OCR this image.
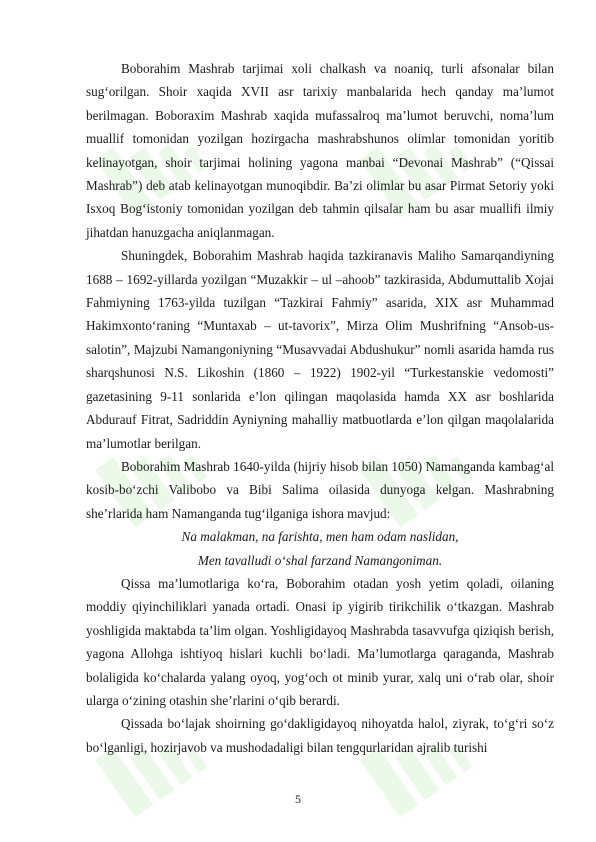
Boborahim Mashrab tarjimai xoli chalkash va noaniq, turli afsonalar bilan sug‘orilgan. Shoir xaqida XVII asr tarixiy manbalarida hech qanday ma’lumot berilmagan. Boboraxim Mashrab xaqida mufassalroq ma’lumot beruvchi, noma’lum muallif tomonidan yozilgan hozirgacha mashrabshunos olimlar tomonidan yoritib kelinayotgan, shoir tarjimai holining yagona manbai “Devonai Mashrab” (“Qissai Mashrab”) deb atab kelinayotgan munoqibdir. Ba’zi olimlar bu asar Pirmat Setoriy yoki Isxoq Bog‘istoniy tomonidan yozilgan deb tahmin qilsalar ham bu asar muallifi ilmiy jihatdan hanuzgacha aniqlanmagan.

Shuningdek, Boborahim Mashrab haqida tazkiranavis Maliho Samarqandiyning 1688 – 1692-yillarda yozilgan “Muzakkir – ul –ahoob” tazkirasida, Abdumuttalib Xojai Fahmiyning 1763-yilda tuzilgan “Tazkirai Fahmiy” asarida, XIX asr Muhammad Hakimxonto‘raning “Muntaxab – ut-tavorix”, Mirza Olim Mushrifning “Ansob-us-salotin”, Majzubi Namangoniyning “Musavvadai Abdushukur” nomli asarida hamda rus sharqshunosi N.S. Likoshin (1860 – 1922) 1902-yil “Turkestanskie vedomosti” gazetasining 9-11 sonlarida e’lon qilingan maqolasida hamda XX asr boshlarida Abdurauf Fitrat, Sadriddin Ayniyning mahalliy matbuotlarda e’lon qilgan maqolalarida ma’lumotlar berilgan.

Boborahim Mashrab 1640-yilda (hijriy hisob bilan 1050) Namanganda kambag‘al kosib-bo‘zchi Valibobo va Bibi Salima oilasida dunyoga kelgan. Mashrabning she’rlarida ham Namanganda tug‘ilganiga ishora mavjud:

Na malakman, na farishta, men ham odam naslidan,

Men tavalludi o‘shal farzand Namangoniman.

Qissa ma’lumotlariga ko‘ra, Boborahim otadan yosh yetim qoladi, oilaning moddiy qiyinchiliklari yanada ortadi. Onasi ip yigirib tirikchilik o‘tkazgan. Mashrab yoshligida maktabda ta’lim olgan. Yoshligidayoq Mashrabda tasavvufga qiziqish berish, yagona Allohga ishtiyoq hislari kuchli bo‘ladi. Ma’lumotlarga qaraganda, Mashrab bolaligida ko‘chalarda yalang oyoq, yog‘och ot minib yurar, xalq uni o‘rab olar, shoir ularga o‘zining otashin she’rlarini o‘qib berardi.

Qissada bo‘lajak shoirning go‘dakligidayoq nihoyatda halol, ziyrak, to‘g‘ri so‘z bo‘lganligi, hozirjavob va mushodadaligi bilan tengqurlaridan ajralib turishi

5
